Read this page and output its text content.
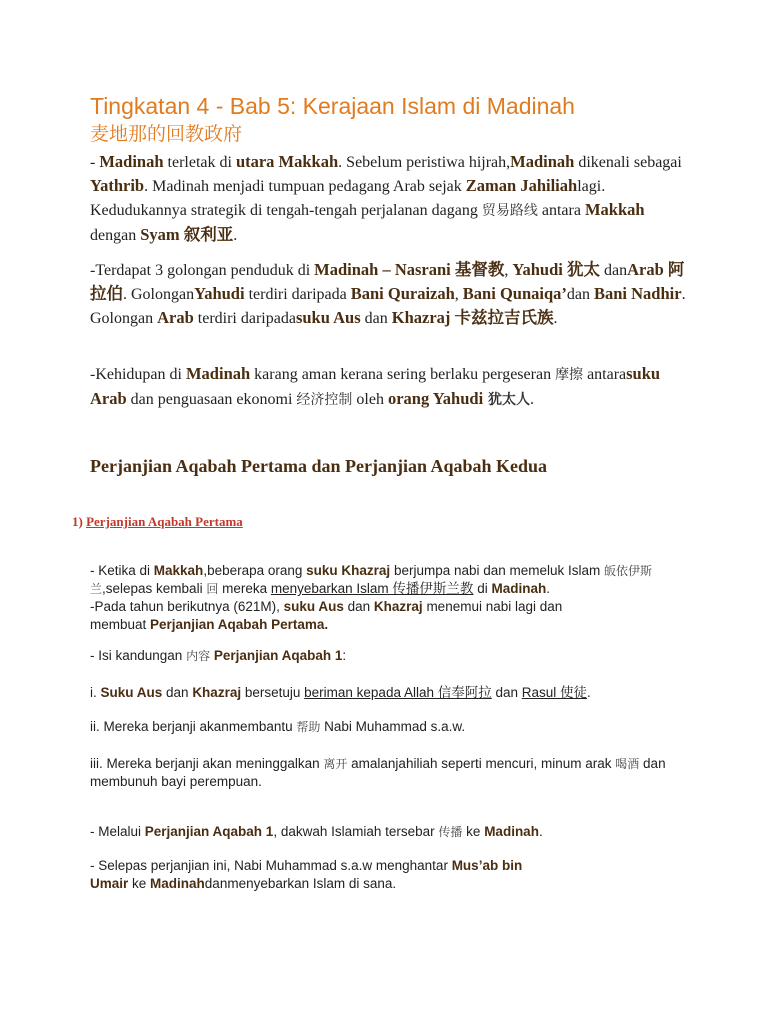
Tingkatan 4 - Bab 5: Kerajaan Islam di Madinah
麦地那的回教政府

- Madinah terletak di utara Makkah. Sebelum peristiwa hijrah,Madinah dikenali sebagai Yathrib. Madinah menjadi tumpuan pedagang Arab sejak Zaman Jahiliahlagi. Kedudukannya strategik di tengah-tengah perjalanan dagang 贸易路线 antara Makkah dengan Syam 叙利亚.

-Terdapat 3 golongan penduduk di Madinah – Nasrani 基督教, Yahudi 犹太 danArab 阿拉伯. GolonganYahudi terdiri daripada Bani Quraizah, Bani Qunaiqa’dan Bani Nadhir. Golongan Arab terdiri daripadasuku Aus dan Khazraj 卡兹拉吉氏族.

-Kehidupan di Madinah karang aman kerana sering berlaku pergeseran 摩擦 antarasuku Arab dan penguasaan ekonomi 经济控制 oleh orang Yahudi 犹太人.

Perjanjian Aqabah Pertama dan Perjanjian Aqabah Kedua
1) Perjanjian Aqabah Pertama

- Ketika di Makkah,beberapa orang suku Khazraj berjumpa nabi dan memeluk Islam 皈依伊斯兰,selepas kembali 回 mereka menyebarkan Islam 传播伊斯兰教 di Madinah.

-Pada tahun berikutnya (621M), suku Aus dan Khazraj menemui nabi lagi dan membuat Perjanjian Aqabah Pertama.

- Isi kandungan 内容 Perjanjian Aqabah 1:

i. Suku Aus dan Khazraj bersetuju beriman kepada Allah 信奉阿拉 dan Rasul 使徒.

ii. Mereka berjanji akanmembantu 帮助 Nabi Muhammad s.a.w.

iii. Mereka berjanji akan meninggalkan 离开 amalanjahiliah seperti mencuri, minum arak 喝酒 dan membunuh bayi perempuan.

- Melalui Perjanjian Aqabah 1, dakwah Islamiah tersebar 传播 ke Madinah.

- Selepas perjanjian ini, Nabi Muhammad s.a.w menghantar Mus’ab bin Umair ke Madinahdanmenyebarkan Islam di sana.
